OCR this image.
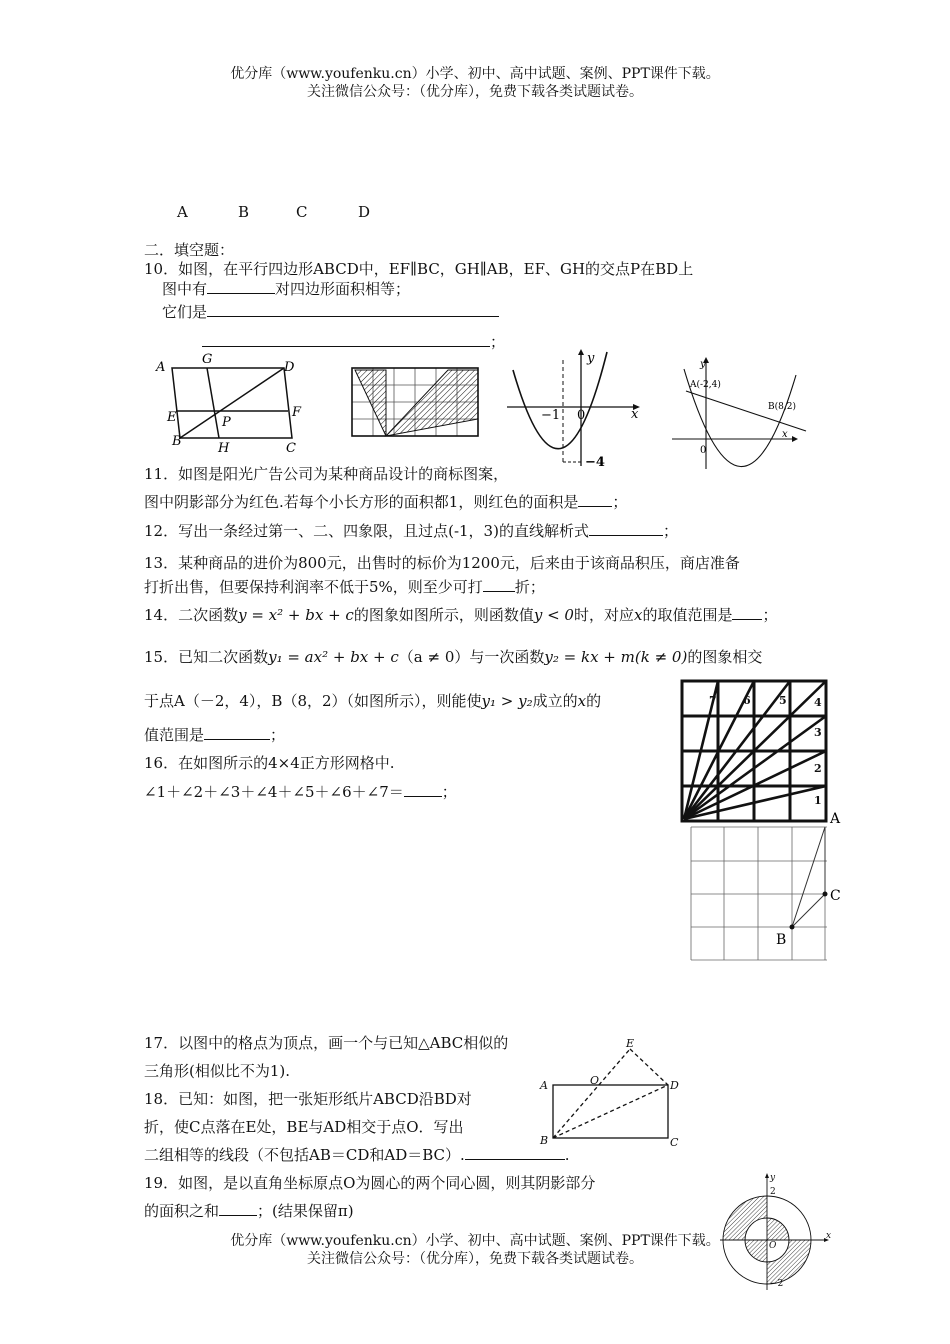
优分库（www.youfenku.cn）小学、初中、高中试题、案例、PPT课件下载。
关注微信公众号：（优分库），免费下载各类试题试卷。
A	B	C	D
二．填空题：
10．如图，在平行四边形ABCD中，EF∥BC，GH∥AB，EF、GH的交点P在BD上
图中有	对四边形面积相等；
它们是
；
A
G
D
E	P
F
B	H	C
x
y
−1 0
−4
y
x
A(-2,4)
B(8,2)
0
11．如图是阳光广告公司为某种商品设计的商标图案，
图中阴影部分为红色.若每个小长方形的面积都1，则红色的面积是 ；
12．写出一条经过第一、二、四象限，且过点(-1，3)的直线解析式	；
13．某种商品的进价为800元，出售时的标价为1200元，后来由于该商品积压，商店准备
打折出售，但要保持利润率不低于5%，则至少可打 折；
14．二次函数y = x² + bx + c的图象如图所示，则函数值y < 0时，对应x的取值范围是 ；
15．已知二次函数y₁ = ax² + bx + c（a ≠ 0）与一次函数y₂ = kx + m(k ≠ 0)的图象相交
于点A（－2，4），B（8，2）（如图所示），则能使y₁ > y₂成立的x的
值范围是	；
16．在如图所示的4×4正方形网格中.
∠1＋∠2＋∠3＋∠4＋∠5＋∠6＋∠7＝	；
7 6	5 4
3
2
1
A
C
B
17．以图中的格点为顶点，画一个与已知△ABC相似的
三角形(相似比不为1).
18．已知：如图，把一张矩形纸片ABCD沿BD对
折，使C点落在E处，BE与AD相交于点O．写出
二组相等的线段（不包括AB＝CD和AD＝BC）.	.
E
A	O	D
B	C
19．如图，是以直角坐标原点O为圆心的两个同心圆，则其阴影部分
的面积之和	；(结果保留π)
y
2
x
O
−2
优分库（www.youfenku.cn）小学、初中、高中试题、案例、PPT课件下载。
关注微信公众号：（优分库），免费下载各类试题试卷。
